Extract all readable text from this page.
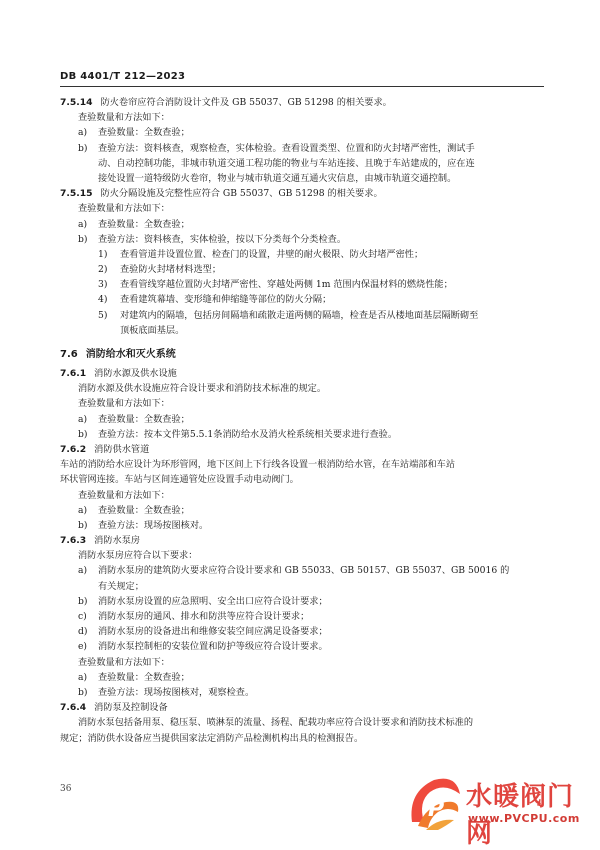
DB 4401/T 212—2023
7.5.14 防火卷帘应符合消防设计文件及 GB 55037、GB 51298 的相关要求。
查验数量和方法如下：
a)	查验数量：全数查验；
b)	查验方法：资料核查，观察检查，实体检验。查看设置类型、位置和防火封堵严密性，测试手
动、自动控制功能，非城市轨道交通工程功能的物业与车站连接、且晚于车站建成的，应在连
接处设置一道特级防火卷帘，物业与城市轨道交通互通火灾信息，由城市轨道交通控制。
7.5.15 防火分隔设施及完整性应符合 GB 55037、GB 51298 的相关要求。
查验数量和方法如下：
a)	查验数量：全数查验；
b)	查验方法：资料核查，实体检验，按以下分类每个分类检查。
1)	查看管道井设置位置、检查门的设置，井壁的耐火极限、防火封堵严密性；
2)	查验防火封堵材料选型；
3)	查看管线穿越位置防火封堵严密性、穿越处两侧 1m 范围内保温材料的燃烧性能；
4)	查看建筑幕墙、变形缝和伸缩缝等部位的防火分隔；
5)	对建筑内的隔墙，包括房间隔墙和疏散走道两侧的隔墙，检查是否从楼地面基层隔断砌至
顶板底面基层。
7.6 消防给水和灭火系统
7.6.1 消防水源及供水设施
消防水源及供水设施应符合设计要求和消防技术标准的规定。
查验数量和方法如下：
a)	查验数量：全数查验；
b)	查验方法：按本文件第5.5.1条消防给水及消火栓系统相关要求进行查验。
7.6.2 消防供水管道
车站的消防给水应设计为环形管网，地下区间上下行线各设置一根消防给水管，在车站端部和车站
环状管网连接。车站与区间连通管处应设置手动电动阀门。
查验数量和方法如下：
a)	查验数量：全数查验；
b)	查验方法：现场按图核对。
7.6.3 消防水泵房
消防水泵房应符合以下要求：
a)	消防水泵房的建筑防火要求应符合设计要求和 GB 55033、GB 50157、GB 55037、GB 50016 的
有关规定；
b)	消防水泵房设置的应急照明、安全出口应符合设计要求；
c)	消防水泵房的通风、排水和防洪等应符合设计要求；
d)	消防水泵房的设备进出和维修安装空间应满足设备要求；
e)	消防水泵控制柜的安装位置和防护等级应符合设计要求。
查验数量和方法如下：
a)	查验数量：全数查验；
b)	查验方法：现场按图核对，观察检查。
7.6.4 消防泵及控制设备
消防水泵包括备用泵、稳压泵、喷淋泵的流量、扬程、配载功率应符合设计要求和消防技术标准的
规定；消防供水设备应当提供国家法定消防产品检测机构出具的检测报告。
36
P 水暖阀门网
www.PVCPU.com
